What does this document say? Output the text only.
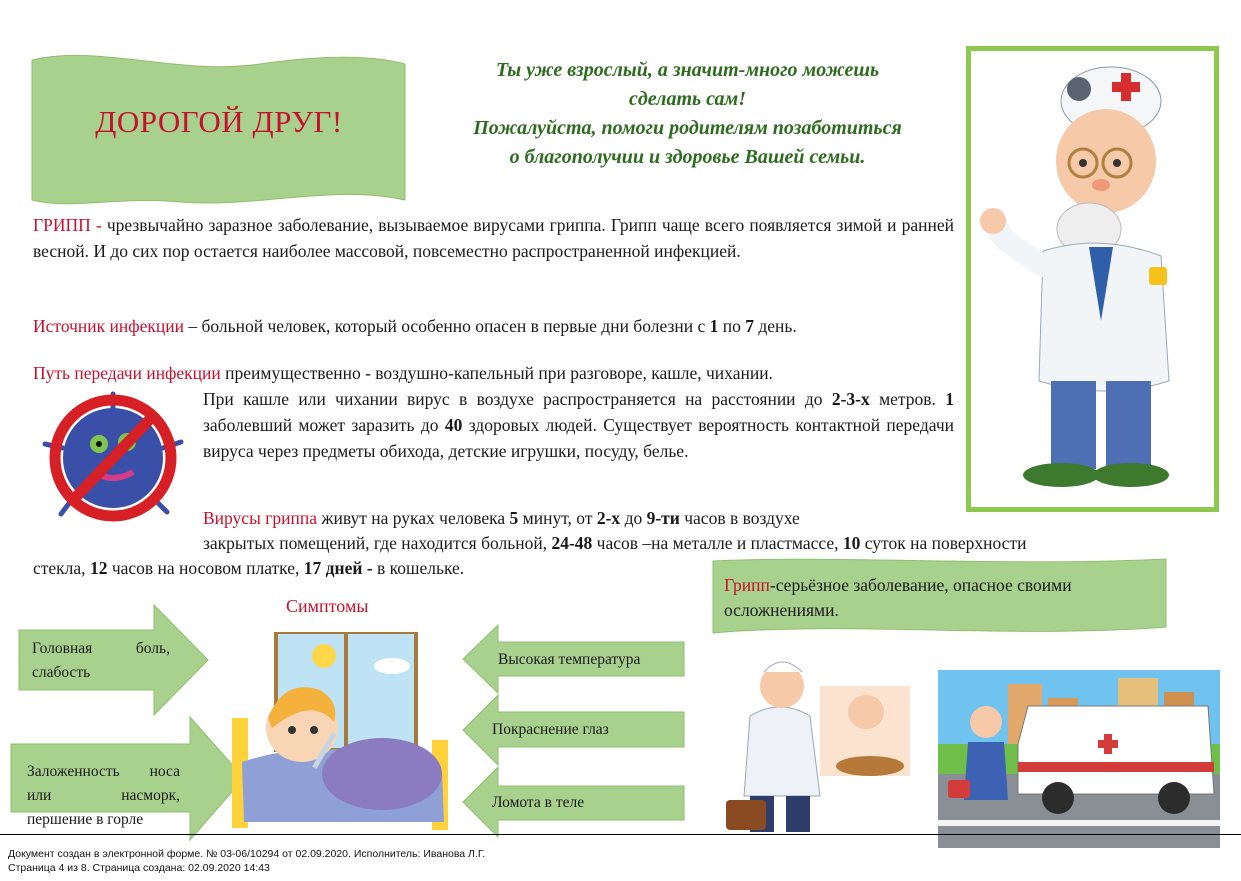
ДОРОГОЙ ДРУГ!
Ты уже взрослый, а значит-много можешь
сделать сам!
Пожалуйста, помоги родителям позаботиться
о благополучии и здоровье Вашей семьи.
ГРИПП - чрезвычайно заразное заболевание, вызываемое вирусами гриппа. Грипп чаще всего появляется зимой и ранней весной. И до сих пор остается наиболее массовой, повсеместно распространенной инфекцией.
Источник инфекции – больной человек, который особенно опасен в первые дни болезни с 1 по 7 день.
Путь передачи инфекции преимущественно - воздушно-капельный при разговоре, кашле, чихании.
При кашле или чихании вирус в воздухе распространяется на расстоянии до 2-3-х метров. 1 заболевший может заразить до 40 здоровых людей. Существует вероятность контактной передачи вируса через предметы обихода, детские игрушки, посуду, белье.
Вирусы гриппа живут на руках человека 5 минут, от 2-х до 9-ти часов в воздухе
закрытых помещений, где находится больной, 24-48 часов –на металле и пластмассе, 10 суток на поверхности
стекла, 12 часов на носовом платке, 17 дней - в кошельке.
Симптомы
Головная боль, слабость
Заложенность носа или насморк, першение в горле
Высокая температура
Покраснение глаз
Ломота в теле
Грипп-серьёзное заболевание, опасное своими осложнениями.
Документ создан в электронной форме. № 03-06/10294 от 02.09.2020. Исполнитель: Иванова Л.Г.
Страница 4 из 8. Страница создана: 02.09.2020 14:43
